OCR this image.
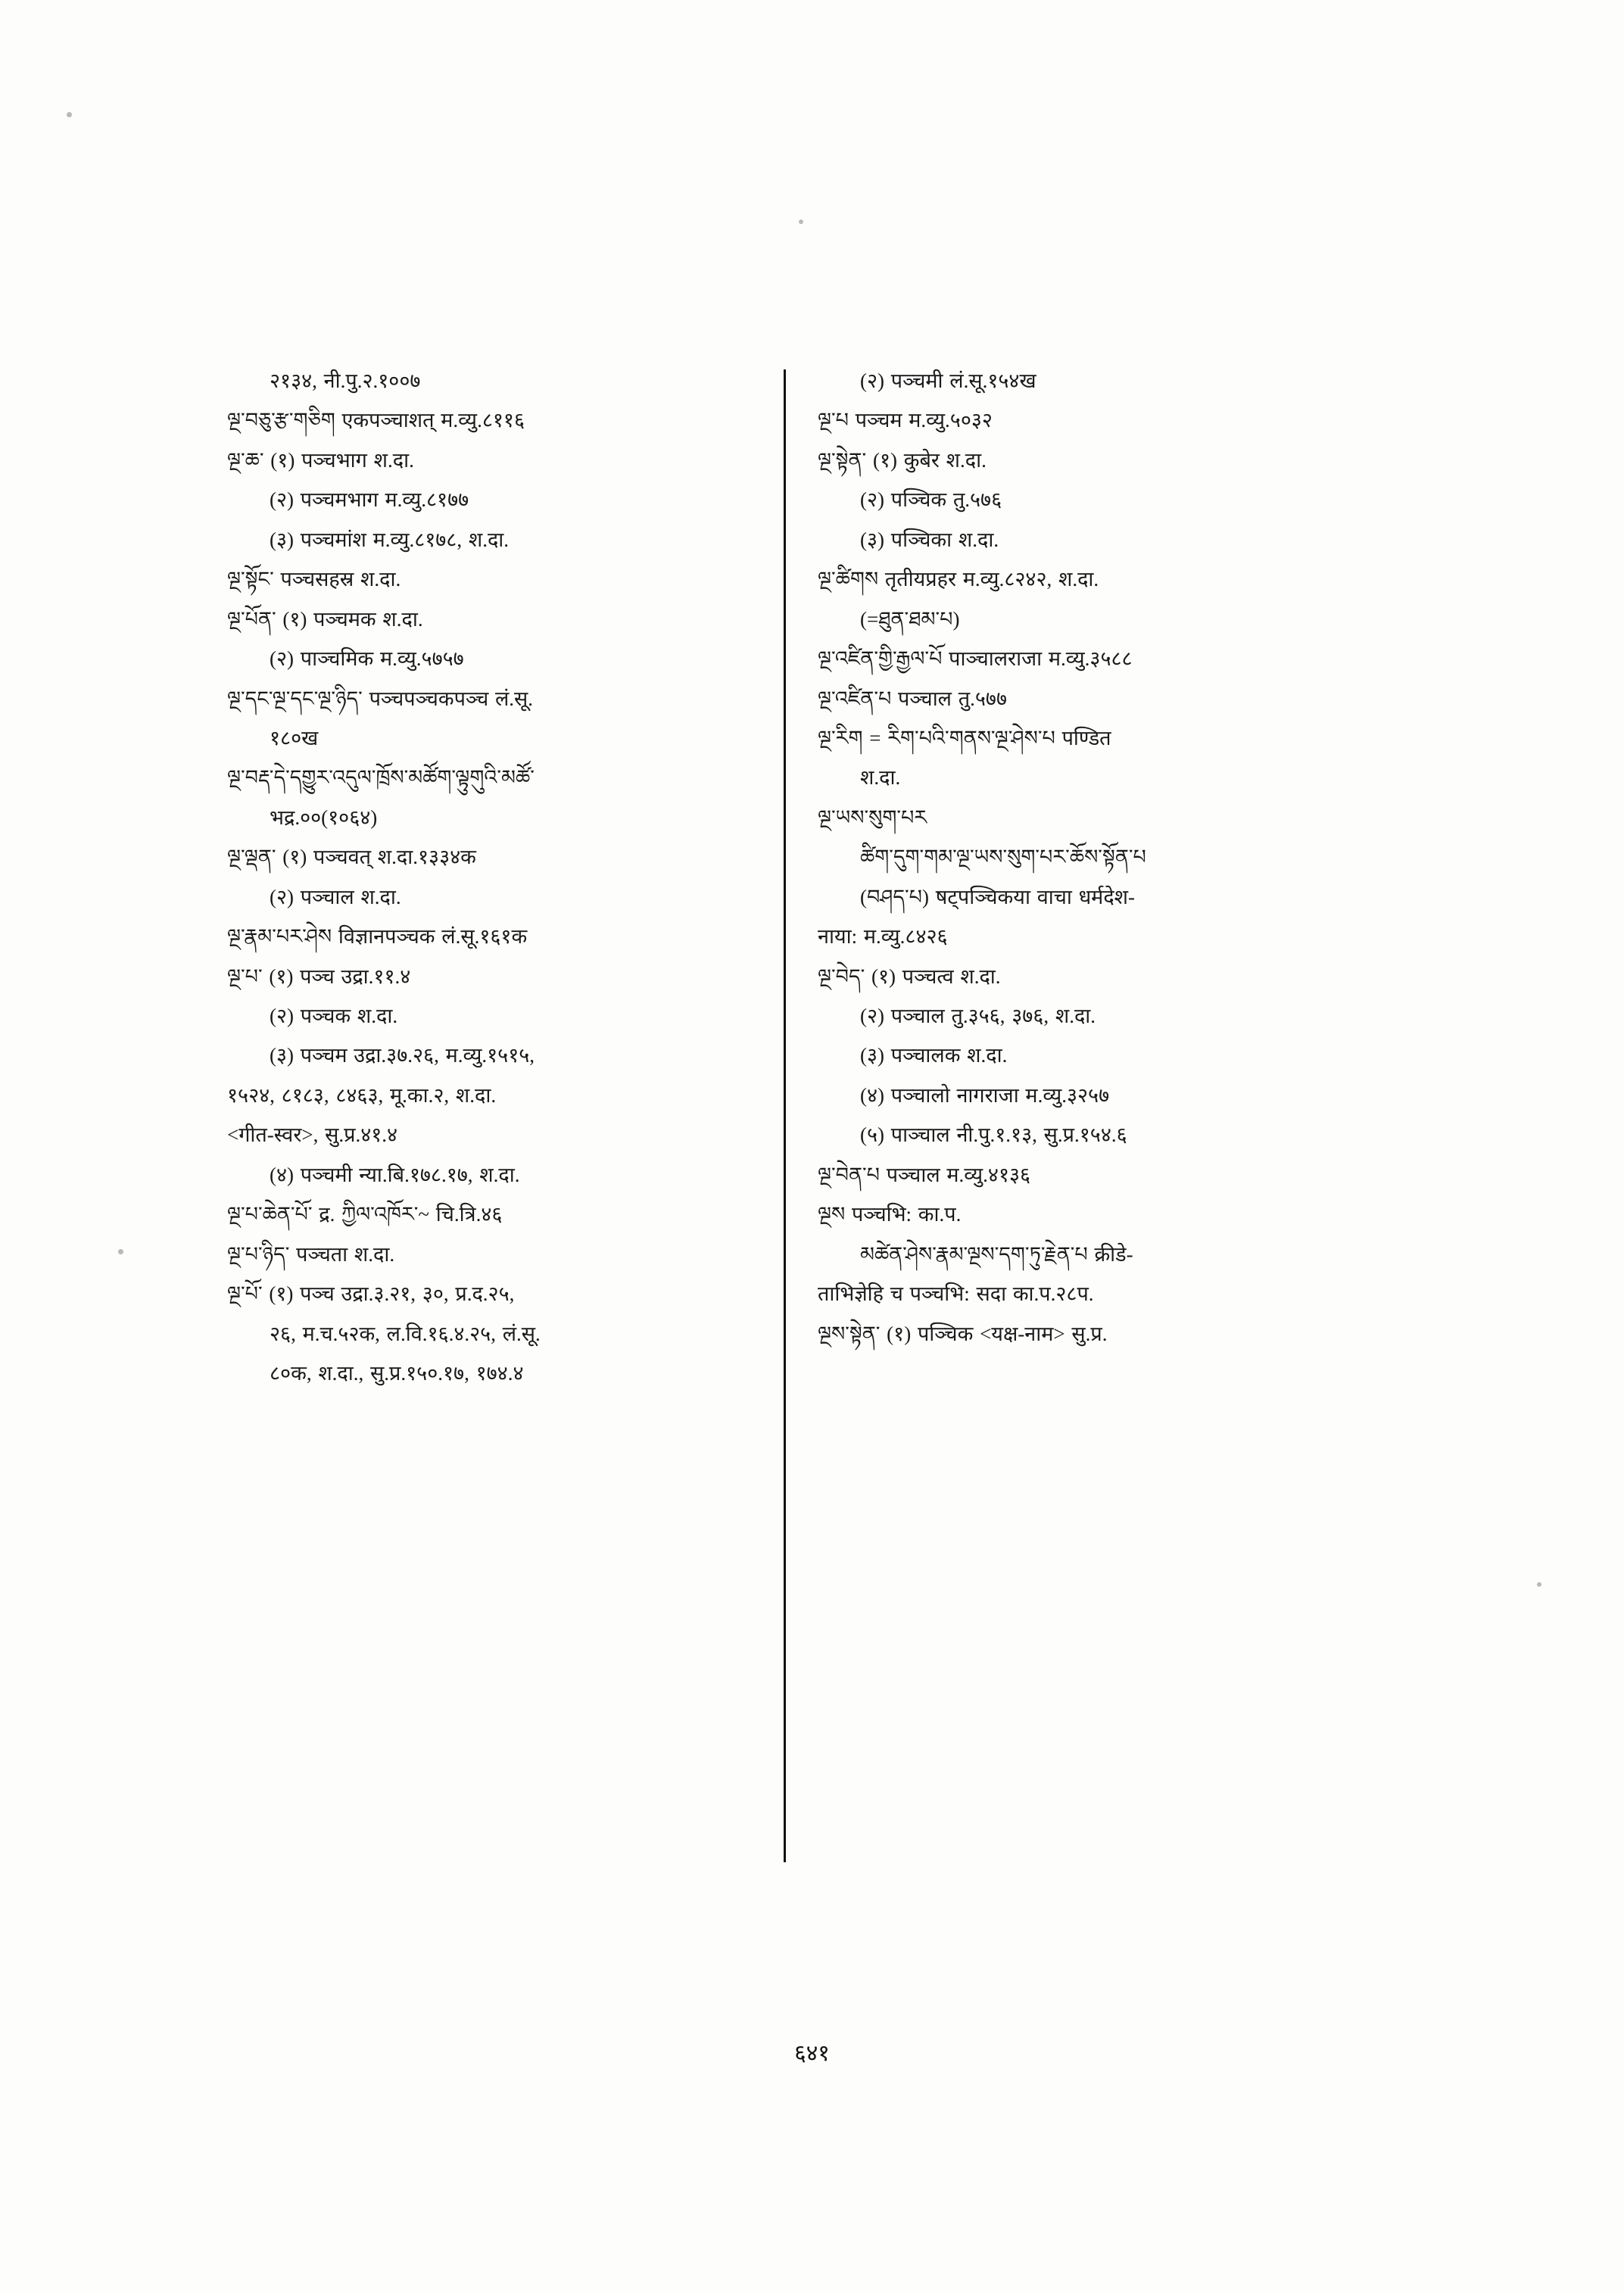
२१३४, नी.पु.२.१००७
ལྔ་བཅུ་རྩ་གཅིག एकपञ्चाशत् म.व्यु.८११६
ལྔ་ཆ་ (१) पञ्चभाग श.दा.
(२) पञ्चमभाग म.व्यु.८१७७
(३) पञ्चमांश म.व्यु.८१७८, श.दा.
ལྔ་སྟོང་ पञ्चसहस्र श.दा.
ལྔ་པོན་ (१) पञ्चमक श.दा.
(२) पाञ्चमिक म.व्यु.५७५७
ལྔ་དང་ལྔ་དང་ལྔ་ཉིད་ पञ्चपञ्चकपञ्च लं.सू.
१८०ख
ལྔ་བརྡ་དེ་དགྱུར་འདུལ་ཁྲོས་མཚོག་ལྟུགུའི་མཚོ་
भद्र.००(१०६४)
ལྔ་ལྡན་ (१) पञ्चवत् श.दा.१३३४क
(२) पञ्चाल श.दा.
ལྔ་རྣམ་པར་ཤེས विज्ञानपञ्चक लं.सू.१६१क
ལྔ་པ་ (१) पञ्च उद्रा.११.४
(२) पञ्चक श.दा.
(३) पञ्चम उद्रा.३७.२६, म.व्यु.१५१५,
१५२४, ८१८३, ८४६३, मू.का.२, श.दा.
<गीत-स्वर>, सु.प्र.४१.४
(४) पञ्चमी न्या.बि.१७८.१७, श.दा.
ལྔ་པ་ཆེན་པོ་ द्र. ཀྱིལ་འཁོར་~ चि.त्रि.४६
ལྔ་པ་ཉིད་ पञ्चता श.दा.
ལྔ་པོ་ (१) पञ्च उद्रा.३.२१, ३०, प्र.द.२५,
२६, म.च.५२क, ल.वि.१६.४.२५, लं.सू.
८०क, श.दा., सु.प्र.१५०.१७, १७४.४
(२) पञ्चमी लं.सू.१५४ख
ལྔ་པ पञ्चम म.व्यु.५०३२
ལྔ་སྟེན་ (१) कुबेर श.दा.
(२) पञ्चिक तु.५७६
(३) पञ्चिका श.दा.
ལྔ་ཚིགས तृतीयप्रहर म.व्यु.८२४२, श.दा.
(=ཐུན་ཐམ་པ)
ལྔ་འཛིན་གྱི་རྒྱལ་པོ पाञ्चालराजा म.व्यु.३५८८
ལྔ་འཛིན་པ पञ्चाल तु.५७७
ལྔ་རིག = རིག་པའི་གནས་ལྔ་ཤེས་པ पण्डित
श.दा.
ལྔ་ཡས་སུག་པར
ཚིག་དུག་གམ་ལྔ་ཡས་སུག་པར་ཆོས་སྟོན་པ
(བཤད་པ) षट्पञ्चिकया वाचा धर्मदेश-
नाया: म.व्यु.८४२६
ལྔ་བེད་ (१) पञ्चत्व श.दा.
(२) पञ्चाल तु.३५६, ३७६, श.दा.
(३) पञ्चालक श.दा.
(४) पञ्चालो नागराजा म.व्यु.३२५७
(५) पाञ्चाल नी.पु.१.१३, सु.प्र.१५४.६
ལྔ་བེན་པ पञ्चाल म.व्यु.४१३६
ལྔས पञ्चभि: का.प.
མཚེན་ཤེས་རྣམ་ལྔས་དག་ཏུ་རྗེན་པ क्रीडे-
ताभिज्ञेहि च पञ्चभि: सदा का.प.२८प.
ལྔས་སྟེན་ (१) पञ्चिक <यक्ष-नाम> सु.प्र.
६४१
